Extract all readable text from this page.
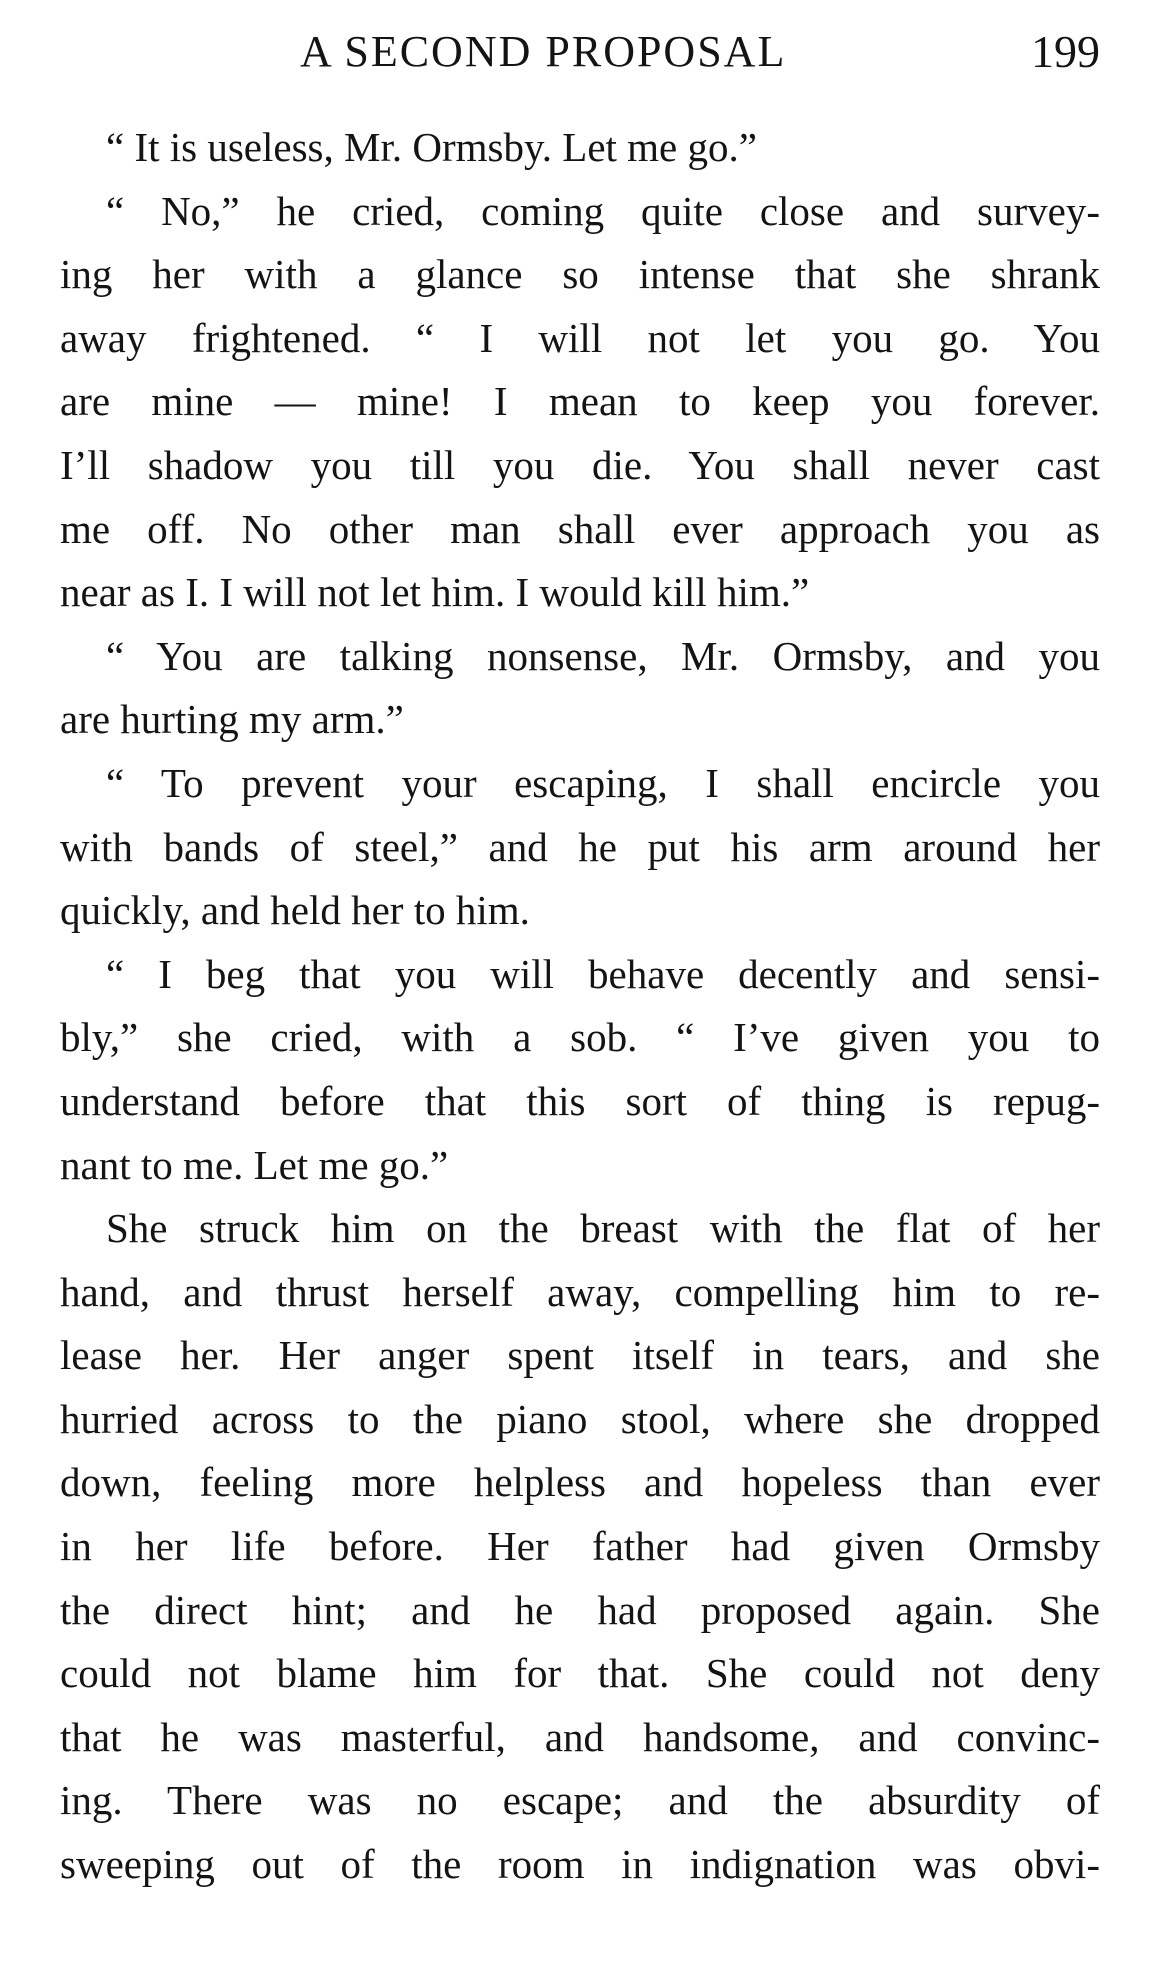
A SECOND PROPOSAL	199
“ It is useless, Mr. Ormsby. Let me go.”
“ No,” he cried, coming quite close and survey-
ing her with a glance so intense that she shrank
away frightened. “ I will not let you go. You
are mine — mine! I mean to keep you forever.
I’ll shadow you till you die. You shall never cast
me off. No other man shall ever approach you as
near as I. I will not let him. I would kill him.”
“ You are talking nonsense, Mr. Ormsby, and you
are hurting my arm.”
“ To prevent your escaping, I shall encircle you
with bands of steel,” and he put his arm around her
quickly, and held her to him.
“ I beg that you will behave decently and sensi-
bly,” she cried, with a sob. “ I’ve given you to
understand before that this sort of thing is repug-
nant to me. Let me go.”
She struck him on the breast with the flat of her
hand, and thrust herself away, compelling him to re-
lease her. Her anger spent itself in tears, and she
hurried across to the piano stool, where she dropped
down, feeling more helpless and hopeless than ever
in her life before. Her father had given Ormsby
the direct hint; and he had proposed again. She
could not blame him for that. She could not deny
that he was masterful, and handsome, and convinc-
ing. There was no escape; and the absurdity of
sweeping out of the room in indignation was obvi-
